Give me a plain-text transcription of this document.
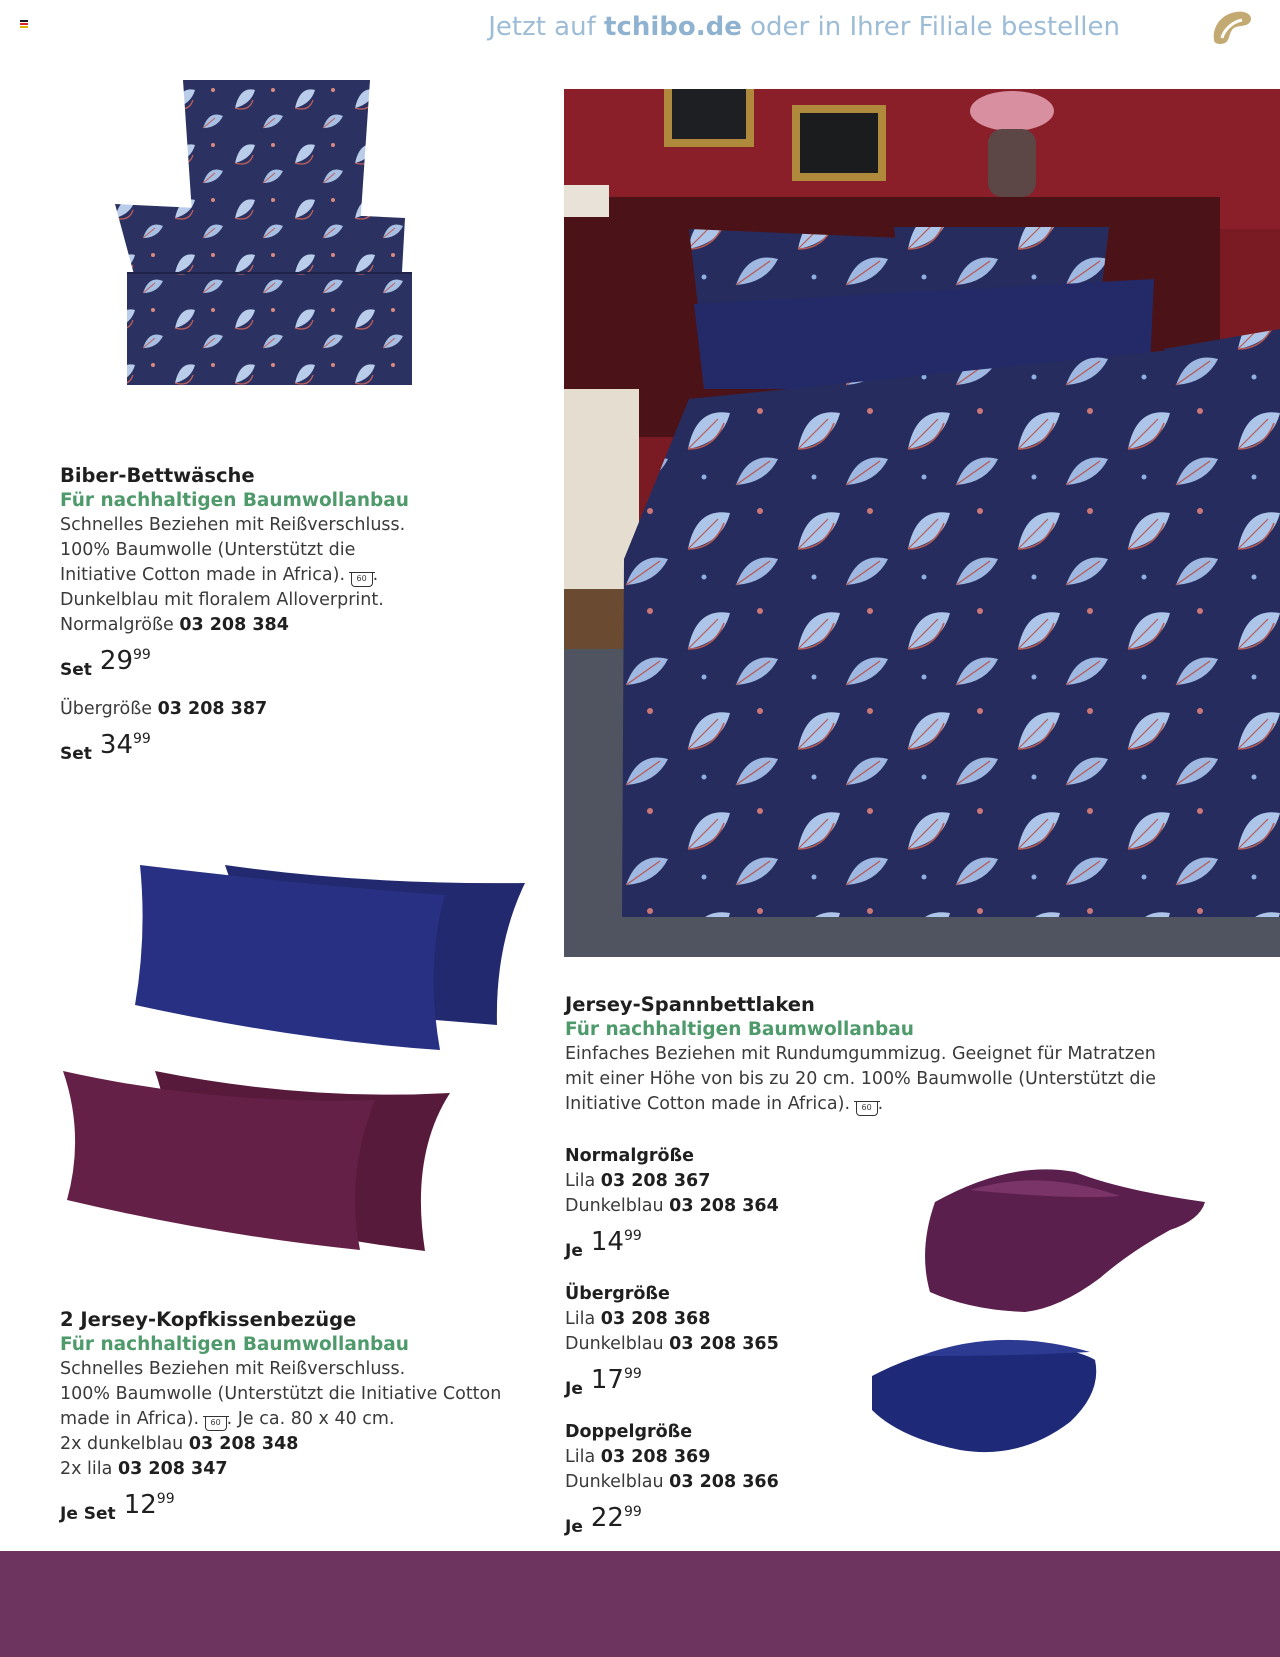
Jetzt auf tchibo.de oder in Ihrer Filiale bestellen
Biber-Bettwäsche
Für nachhaltigen Baumwollanbau
Schnelles Beziehen mit Reißverschluss.
100% Baumwolle (Unterstützt die
Initiative Cotton made in Africa). 60 .
Dunkelblau mit floralem Alloverprint.
Normalgröße 03 208 384
Set 29 99
Übergröße 03 208 387
Set 34 99
2 Jersey-Kopfkissenbezüge
Für nachhaltigen Baumwollanbau
Schnelles Beziehen mit Reißverschluss.
100% Baumwolle (Unterstützt die Initiative Cotton
made in Africa). 60 . Je ca. 80 x 40 cm.
2x dunkelblau 03 208 348
2x lila 03 208 347
Je Set 12 99
Jersey-Spannbettlaken
Für nachhaltigen Baumwollanbau
Einfaches Beziehen mit Rundumgummizug. Geeignet für Matratzen
mit einer Höhe von bis zu 20 cm. 100% Baumwolle (Unterstützt die
Initiative Cotton made in Africa). 60 .
Normalgröße
Lila 03 208 367
Dunkelblau 03 208 364
Je 14 99
Übergröße
Lila 03 208 368
Dunkelblau 03 208 365
Je 17 99
Doppelgröße
Lila 03 208 369
Dunkelblau 03 208 366
Je 22 99
